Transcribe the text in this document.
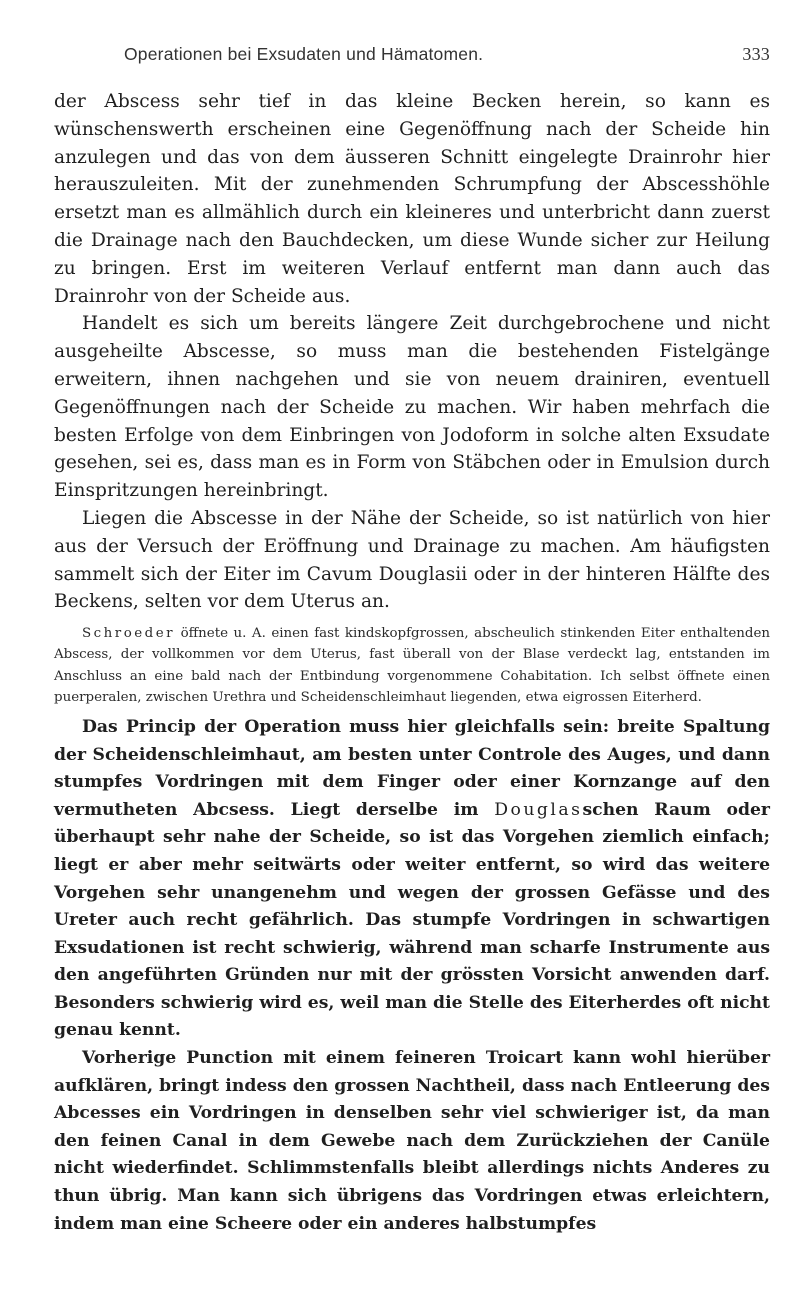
Operationen bei Exsudaten und Hämatomen.	333

der Abscess sehr tief in das kleine Becken herein, so kann es wünschenswerth erscheinen eine Gegenöffnung nach der Scheide hin anzulegen und das von dem äusseren Schnitt eingelegte Drainrohr hier herauszuleiten. Mit der zunehmenden Schrumpfung der Abscesshöhle ersetzt man es allmählich durch ein kleineres und unterbricht dann zuerst die Drainage nach den Bauchdecken, um diese Wunde sicher zur Heilung zu bringen. Erst im weiteren Verlauf entfernt man dann auch das Drainrohr von der Scheide aus.

Handelt es sich um bereits längere Zeit durchgebrochene und nicht ausgeheilte Abscesse, so muss man die bestehenden Fistelgänge erweitern, ihnen nachgehen und sie von neuem drainiren, eventuell Gegenöffnungen nach der Scheide zu machen. Wir haben mehrfach die besten Erfolge von dem Einbringen von Jodoform in solche alten Exsudate gesehen, sei es, dass man es in Form von Stäbchen oder in Emulsion durch Einspritzungen hereinbringt.

Liegen die Abscesse in der Nähe der Scheide, so ist natürlich von hier aus der Versuch der Eröffnung und Drainage zu machen. Am häufigsten sammelt sich der Eiter im Cavum Douglasii oder in der hinteren Hälfte des Beckens, selten vor dem Uterus an.

Schroeder öffnete u. A. einen fast kindskopfgrossen, abscheulich stinkenden Eiter enthaltenden Abscess, der vollkommen vor dem Uterus, fast überall von der Blase verdeckt lag, entstanden im Anschluss an eine bald nach der Entbindung vorgenommene Cohabitation. Ich selbst öffnete einen puerperalen, zwischen Urethra und Scheidenschleimhaut liegenden, etwa eigrossen Eiterherd.

Das Princip der Operation muss hier gleichfalls sein: breite Spaltung der Scheidenschleimhaut, am besten unter Controle des Auges, und dann stumpfes Vordringen mit dem Finger oder einer Kornzange auf den vermutheten Abcsess. Liegt derselbe im Douglasschen Raum oder überhaupt sehr nahe der Scheide, so ist das Vorgehen ziemlich einfach; liegt er aber mehr seitwärts oder weiter entfernt, so wird das weitere Vorgehen sehr unangenehm und wegen der grossen Gefässe und des Ureter auch recht gefährlich. Das stumpfe Vordringen in schwartigen Exsudationen ist recht schwierig, während man scharfe Instrumente aus den angeführten Gründen nur mit der grössten Vorsicht anwenden darf. Besonders schwierig wird es, weil man die Stelle des Eiterherdes oft nicht genau kennt.

Vorherige Punction mit einem feineren Troicart kann wohl hierüber aufklären, bringt indess den grossen Nachtheil, dass nach Entleerung des Abcesses ein Vordringen in denselben sehr viel schwieriger ist, da man den feinen Canal in dem Gewebe nach dem Zurückziehen der Canüle nicht wiederfindet. Schlimmstenfalls bleibt allerdings nichts Anderes zu thun übrig. Man kann sich übrigens das Vordringen etwas erleichtern, indem man eine Scheere oder ein anderes halbstumpfes
